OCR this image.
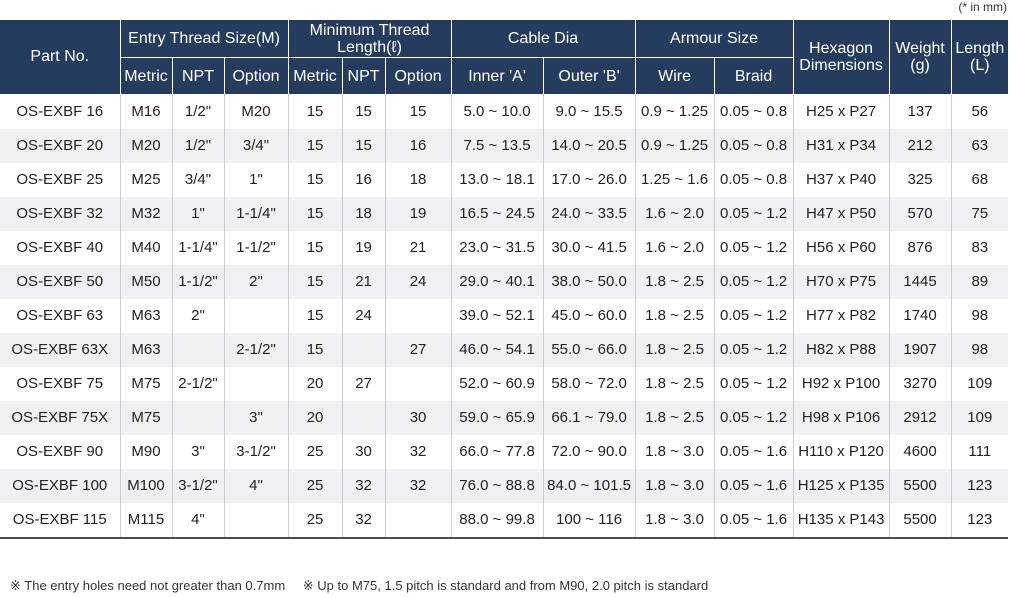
(* in mm)
Part No.	Entry Thread Size(M)			Minimum Thread Length(ℓ)			Cable Dia		Armour Size		Hexagon Dimensions	Weight (g)	Length (L)
	Metric	NPT	Option	Metric	NPT	Option	Inner 'A'	Outer 'B'	Wire	Braid			
OS-EXBF 16	M16	1/2"	M20	15	15	15	5.0 ~ 10.0	9.0 ~ 15.5	0.9 ~ 1.25	0.05 ~ 0.8	H25 x P27	137	56
OS-EXBF 20	M20	1/2"	3/4"	15	15	16	7.5 ~ 13.5	14.0 ~ 20.5	0.9 ~ 1.25	0.05 ~ 0.8	H31 x P34	212	63
OS-EXBF 25	M25	3/4"	1"	15	16	18	13.0 ~ 18.1	17.0 ~ 26.0	1.25 ~ 1.6	0.05 ~ 0.8	H37 x P40	325	68
OS-EXBF 32	M32	1"	1-1/4"	15	18	19	16.5 ~ 24.5	24.0 ~ 33.5	1.6 ~ 2.0	0.05 ~ 1.2	H47 x P50	570	75
OS-EXBF 40	M40	1-1/4"	1-1/2"	15	19	21	23.0 ~ 31.5	30.0 ~ 41.5	1.6 ~ 2.0	0.05 ~ 1.2	H56 x P60	876	83
OS-EXBF 50	M50	1-1/2"	2"	15	21	24	29.0 ~ 40.1	38.0 ~ 50.0	1.8 ~ 2.5	0.05 ~ 1.2	H70 x P75	1445	89
OS-EXBF 63	M63	2"		15	24		39.0 ~ 52.1	45.0 ~ 60.0	1.8 ~ 2.5	0.05 ~ 1.2	H77 x P82	1740	98
OS-EXBF 63X	M63		2-1/2"	15		27	46.0 ~ 54.1	55.0 ~ 66.0	1.8 ~ 2.5	0.05 ~ 1.2	H82 x P88	1907	98
OS-EXBF 75	M75	2-1/2"		20	27		52.0 ~ 60.9	58.0 ~ 72.0	1.8 ~ 2.5	0.05 ~ 1.2	H92 x P100	3270	109
OS-EXBF 75X	M75		3"	20		30	59.0 ~ 65.9	66.1 ~ 79.0	1.8 ~ 2.5	0.05 ~ 1.2	H98 x P106	2912	109
OS-EXBF 90	M90	3"	3-1/2"	25	30	32	66.0 ~ 77.8	72.0 ~ 90.0	1.8 ~ 3.0	0.05 ~ 1.6	H110 x P120	4600	111
OS-EXBF 100	M100	3-1/2"	4"	25	32	32	76.0 ~ 88.8	84.0 ~ 101.5	1.8 ~ 3.0	0.05 ~ 1.6	H125 x P135	5500	123
OS-EXBF 115	M115	4"		25	32		88.0 ~ 99.8	100 ~ 116	1.8 ~ 3.0	0.05 ~ 1.6	H135 x P143	5500	123
※ The entry holes need not greater than 0.7mm ※ Up to M75, 1.5 pitch is standard and from M90, 2.0 pitch is standard
